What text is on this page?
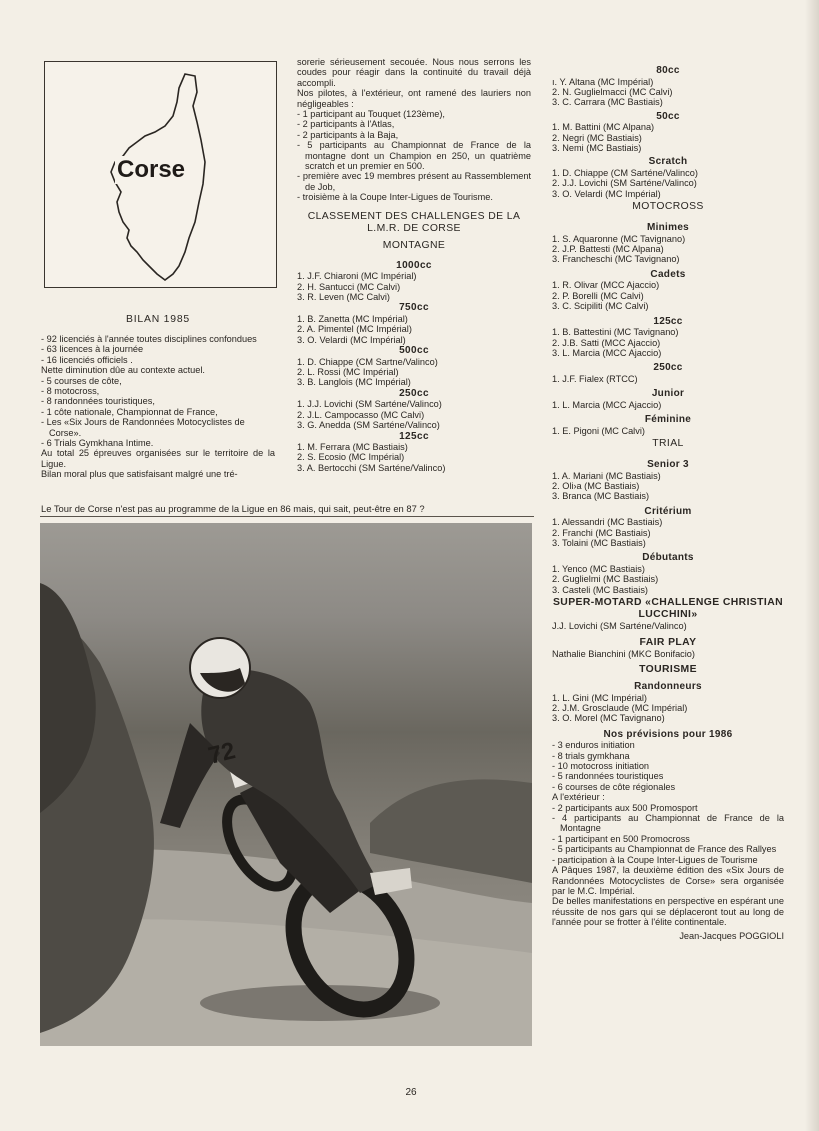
Corse
BILAN 1985
- 92 licenciés à l'année toutes disciplines confondues
- 63 licences à la journée
- 16 licenciés officiels .
Nette diminution dûe au contexte actuel.
- 5 courses de côte,
- 8 motocross,
- 8 randonnées touristiques,
- 1 côte nationale, Championnat de France,
- Les «Six Jours de Randonnées Motocyclistes de Corse».
- 6 Trials Gymkhana Intime.
Au total 25 épreuves organisées sur le territoire de la Ligue.
Bilan moral plus que satisfaisant malgré une tré-
sorerie sérieusement secouée. Nous nous serrons les coudes pour réagir dans la continuité du travail déjà accompli.
Nos pilotes, à l'extérieur, ont ramené des lauriers non négligeables :
- 1 participant au Touquet (123ème),
- 2 participants à l'Atlas,
- 2 participants à la Baja,
- 5 participants au Championnat de France de la montagne dont un Champion en 250, un quatrième scratch et un premier en 500.
- première avec 19 membres présent au Rassemblement de Job,
- troisième à la Coupe Inter-Ligues de Tourisme.
CLASSEMENT DES CHALLENGES DE LA L.M.R. DE CORSE
MONTAGNE
1000cc
1. J.F. Chiaroni (MC Impérial)
2. H. Santucci (MC Calvi)
3. R. Leven (MC Calvi)
750cc
1. B. Zanetta (MC Impérial)
2. A. Pimentel (MC Impérial)
3. O. Velardi (MC Impérial)
500cc
1. D. Chiappe (CM Sartne/Valinco)
2. L. Rossi (MC Impérial)
3. B. Langlois (MC Impérial)
250cc
1. J.J. Lovichi (SM Sarténe/Valinco)
2. J.L. Campocasso (MC Calvi)
3. G. Anedda (SM Sarténe/Valinco)
125cc
1. M. Ferrara (MC Bastiais)
2. S. Ecosio (MC Impérial)
3. A. Bertocchi (SM Sarténe/Valinco)
Le Tour de Corse n'est pas au programme de la Ligue en 86 mais, qui sait, peut-être en 87 ?
72
80cc
ı. Y. Altana (MC Impérial)
2. N. Guglielmacci (MC Calvi)
3. C. Carrara (MC Bastiais)
50cc
1. M. Battini (MC Alpana)
2. Negri (MC Bastiais)
3. Nemi (MC Bastiais)
Scratch
1. D. Chiappe (CM Sarténe/Valinco)
2. J.J. Lovichi (SM Sarténe/Valinco)
3. O. Velardi (MC Impérial)
MOTOCROSS
Minimes
1. S. Aquaronne (MC Tavignano)
2. J.P. Battesti (MC Alpana)
3. Francheschi (MC Tavignano)
Cadets
1. R. Olivar (MCC Ajaccio)
2. P. Borelli (MC Calvi)
3. C. Scipiliti (MC Calvi)
125cc
1. B. Battestini (MC Tavignano)
2. J.B. Satti (MCC Ajaccio)
3. L. Marcia (MCC Ajaccio)
250cc
1. J.F. Fialex (RTCC)
Junior
1. L. Marcia (MCC Ajaccio)
Féminine
1. E. Pigoni (MC Calvi)
TRIAL
Senior 3
1. A. Mariani (MC Bastiais)
2. Oli›a (MC Bastiais)
3. Branca (MC Bastiais)
Critérium
1. Alessandri (MC Bastiais)
2. Franchi (MC Bastiais)
3. Tolaini (MC Bastiais)
Débutants
1. Yenco (MC Bastiais)
2. Guglielmi (MC Bastiais)
3. Casteli (MC Bastiais)
SUPER-MOTARD «CHALLENGE CHRISTIAN LUCCHINI»
J.J. Lovichi (SM Sarténe/Valinco)
FAIR PLAY
Nathalie Bianchini (MKC Bonifacio)
TOURISME
Randonneurs
1. L. Gini (MC Impérial)
2. J.M. Grosclaude (MC Impérial)
3. O. Morel (MC Tavignano)
Nos prévisions pour 1986
- 3 enduros initiation
- 8 trials gymkhana
- 10 motocross initiation
- 5 randonnées touristiques
- 6 courses de côte régionales
A l'extérieur :
- 2 participants aux 500 Promosport
- 4 participants au Championnat de France de la Montagne
- 1 participant en 500 Promocross
- 5 participants au Championnat de France des Rallyes
- participation à la Coupe Inter-Ligues de Tourisme
A Pâques 1987, la deuxième édition des «Six Jours de Randonnées Motocyclistes de Corse» sera organisée par le M.C. Impérial.
De belles manifestations en perspective en espérant une réussite de nos gars qui se déplaceront tout au long de l'année pour se frotter à l'élite continentale.
Jean-Jacques POGGIOLI
26
